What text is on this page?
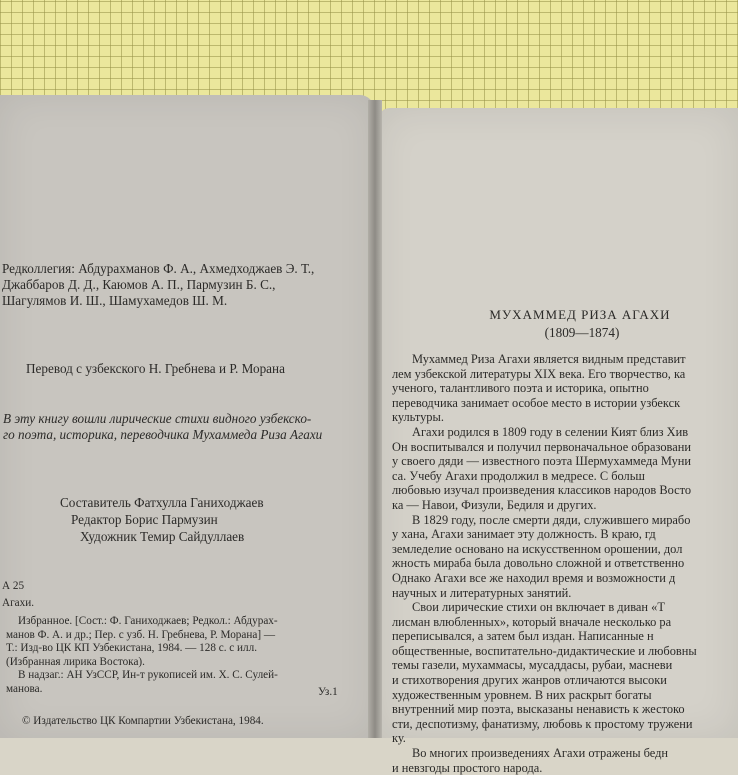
Редколлегия: Абдурахманов Ф. А., Ахмедходжаев Э. Т.,
Джаббаров Д. Д., Каюмов А. П., Пармузин Б. С.,
Шагулямов И. Ш., Шамухамедов Ш. М.
Перевод с узбекского Н. Гребнева и Р. Морана
В эту книгу вошли лирические стихи видного узбекско-
го поэта, историка, переводчика Мухаммеда Риза Агахи
Составитель Фатхулла Ганиходжаев
Редактор Борис Пармузин
Художник Темир Сайдуллаев
А 25
Агахи.
Избранное. [Сост.: Ф. Ганиходжаев; Редкол.: Абдурах-
манов Ф. А. и др.; Пер. с узб. Н. Гребнева, Р. Морана] —
Т.: Изд-во ЦК КП Узбекистана, 1984. — 128 с. с илл.
(Избранная лирика Востока).
В надзаг.: АН УзССР, Ин-т рукописей им. Х. С. Сулей-
манова.	Уз.1
© Издательство ЦК Компартии Узбекистана, 1984.
МУХАММЕД РИЗА АГАХИ
(1809—1874)
Мухаммед Риза Агахи является видным представит
лем узбекской литературы XIX века. Его творчество, ка
ученого, талантливого поэта и историка, опытно
переводчика занимает особое место в истории узбекск
культуры.
Агахи родился в 1809 году в селении Кият близ Хив
Он воспитывался и получил первоначальное образовани
у своего дяди — известного поэта Шермухаммеда Муни
са. Учебу Агахи продолжил в медресе. С больш
любовью изучал произведения классиков народов Восто
ка — Навои, Физули, Бедиля и других.
В 1829 году, после смерти дяди, служившего мирабо
у хана, Агахи занимает эту должность. В краю, гд
земледелие основано на искусственном орошении, дол
жность мираба была довольно сложной и ответственно
Однако Агахи все же находил время и возможности д
научных и литературных занятий.
Свои лирические стихи он включает в диван «Т
лисман влюбленных», который вначале несколько ра
переписывался, а затем был издан. Написанные н
общественные, воспитательно-дидактические и любовны
темы газели, мухаммасы, мусаддасы, рубаи, масневи
и стихотворения других жанров отличаются высоки
художественным уровнем. В них раскрыт богаты
внутренний мир поэта, высказаны ненависть к жестоко
сти, деспотизму, фанатизму, любовь к простому тружени
ку.
Во многих произведениях Агахи отражены бедн
и невзгоды простого народа.
